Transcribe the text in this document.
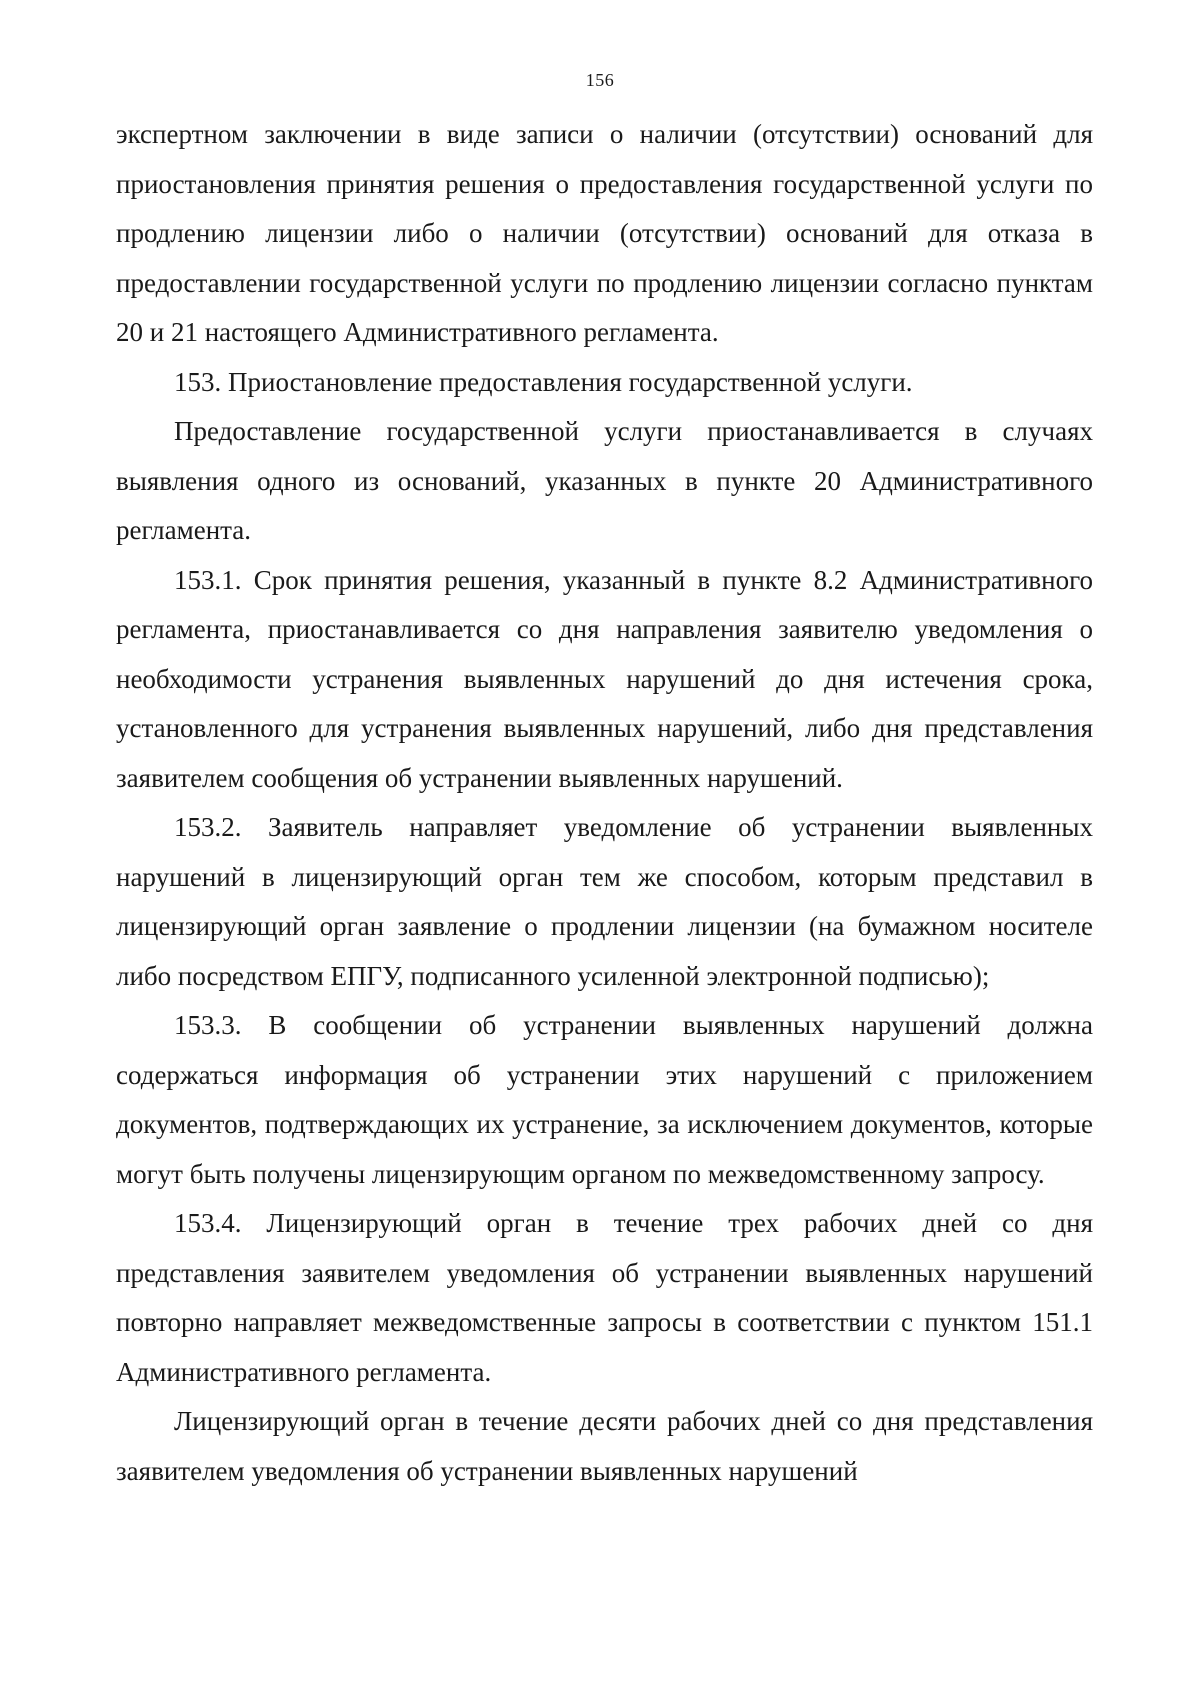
156

экспертном заключении в виде записи о наличии (отсутствии) оснований для приостановления принятия решения о предоставления государственной услуги по продлению лицензии либо о наличии (отсутствии) оснований для отказа в предоставлении государственной услуги по продлению лицензии согласно пунктам 20 и 21 настоящего Административного регламента.

153. Приостановление предоставления государственной услуги.

Предоставление государственной услуги приостанавливается в случаях выявления одного из оснований, указанных в пункте 20 Административного регламента.

153.1. Срок принятия решения, указанный в пункте 8.2 Административного регламента, приостанавливается со дня направления заявителю уведомления о необходимости устранения выявленных нарушений до дня истечения срока, установленного для устранения выявленных нарушений, либо дня представления заявителем сообщения об устранении выявленных нарушений.

153.2. Заявитель направляет уведомление об устранении выявленных нарушений в лицензирующий орган тем же способом, которым представил в лицензирующий орган заявление о продлении лицензии (на бумажном носителе либо посредством ЕПГУ, подписанного усиленной электронной подписью);

153.3. В сообщении об устранении выявленных нарушений должна содержаться информация об устранении этих нарушений с приложением документов, подтверждающих их устранение, за исключением документов, которые могут быть получены лицензирующим органом по межведомственному запросу.

153.4. Лицензирующий орган в течение трех рабочих дней со дня представления заявителем уведомления об устранении выявленных нарушений повторно направляет межведомственные запросы в соответствии с пунктом 151.1 Административного регламента.

Лицензирующий орган в течение десяти рабочих дней со дня представления заявителем уведомления об устранении выявленных нарушений
